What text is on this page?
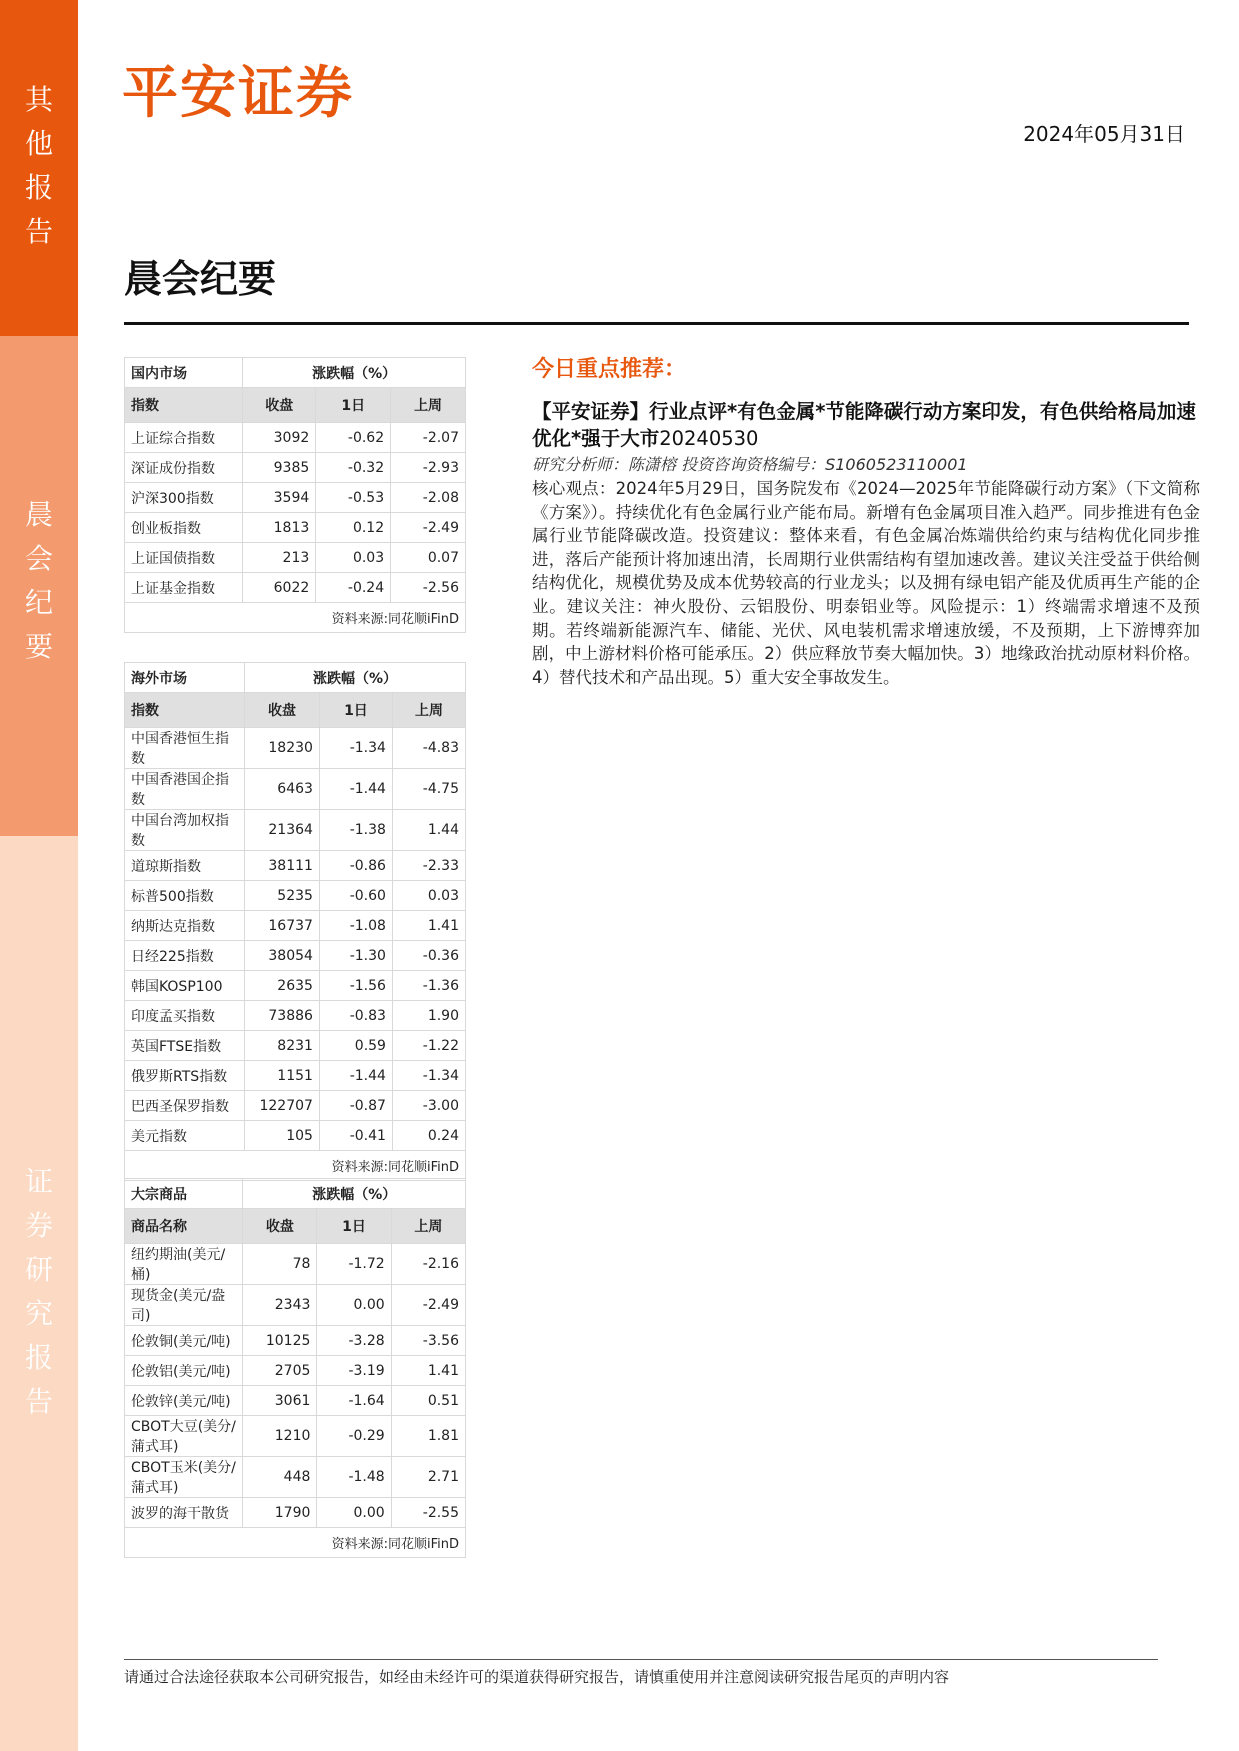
其
他
报
告
晨
会
纪
要
证
券
研
究
报
告
平安证券
2024年05月31日
晨会纪要
国内市场	涨跌幅（%）		
指数	收盘	1日	上周
上证综合指数	3092	-0.62	-2.07
深证成份指数	9385	-0.32	-2.93
沪深300指数	3594	-0.53	-2.08
创业板指数	1813	0.12	-2.49
上证国债指数	213	0.03	0.07
上证基金指数	6022	-0.24	-2.56
资料来源:同花顺iFinD			
海外市场	涨跌幅（%）		
指数	收盘	1日	上周
中国香港恒生指数	18230	-1.34	-4.83
中国香港国企指数	6463	-1.44	-4.75
中国台湾加权指数	21364	-1.38	1.44
道琼斯指数	38111	-0.86	-2.33
标普500指数	5235	-0.60	0.03
纳斯达克指数	16737	-1.08	1.41
日经225指数	38054	-1.30	-0.36
韩国KOSP100	2635	-1.56	-1.36
印度孟买指数	73886	-0.83	1.90
英国FTSE指数	8231	0.59	-1.22
俄罗斯RTS指数	1151	-1.44	-1.34
巴西圣保罗指数	122707	-0.87	-3.00
美元指数	105	-0.41	0.24
资料来源:同花顺iFinD			
大宗商品	涨跌幅（%）		
商品名称	收盘	1日	上周
纽约期油(美元/桶)	78	-1.72	-2.16
现货金(美元/盎司)	2343	0.00	-2.49
伦敦铜(美元/吨)	10125	-3.28	-3.56
伦敦铝(美元/吨)	2705	-3.19	1.41
伦敦锌(美元/吨)	3061	-1.64	0.51
CBOT大豆(美分/蒲式耳)	1210	-0.29	1.81
CBOT玉米(美分/蒲式耳)	448	-1.48	2.71
波罗的海干散货	1790	0.00	-2.55
资料来源:同花顺iFinD			
今日重点推荐：
【平安证券】行业点评*有色金属*节能降碳行动方案印发，有色供给格局加速优化*强于大市20240530
研究分析师：陈潇榕 投资咨询资格编号：S1060523110001
核心观点：2024年5月29日，国务院发布《2024—2025年节能降碳行动方案》（下文简称《方案》）。持续优化有色金属行业产能布局。新增有色金属项目准入趋严。同步推进有色金属行业节能降碳改造。投资建议：整体来看，有色金属冶炼端供给约束与结构优化同步推进，落后产能预计将加速出清，长周期行业供需结构有望加速改善。建议关注受益于供给侧结构优化，规模优势及成本优势较高的行业龙头；以及拥有绿电铝产能及优质再生产能的企业。建议关注：神火股份、云铝股份、明泰铝业等。风险提示：1）终端需求增速不及预期。若终端新能源汽车、储能、光伏、风电装机需求增速放缓，不及预期，上下游博弈加剧，中上游材料价格可能承压。2）供应释放节奏大幅加快。3）地缘政治扰动原材料价格。4）替代技术和产品出现。5）重大安全事故发生。
请通过合法途径获取本公司研究报告，如经由未经许可的渠道获得研究报告，请慎重使用并注意阅读研究报告尾页的声明内容
